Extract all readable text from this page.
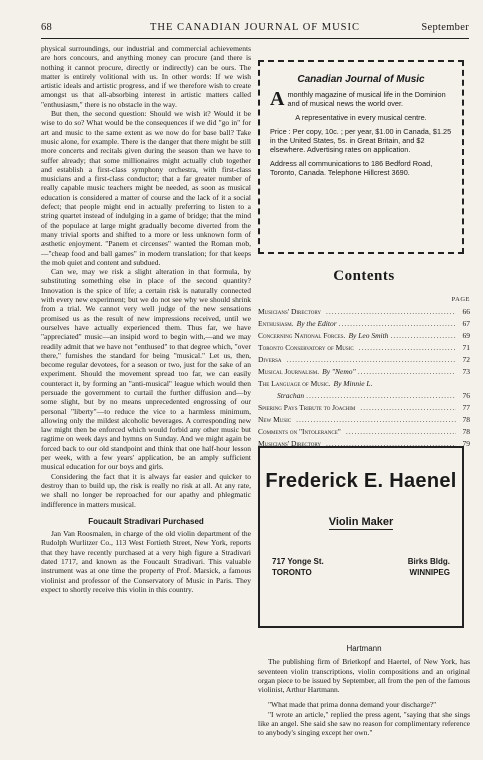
68	THE CANADIAN JOURNAL OF MUSIC	September

physical surroundings, our industrial and commercial achievements are hors concours, and anything money can procure (and there is nothing it cannot procure, directly or indirectly) can be ours. The matter is entirely volitional with us. In other words: If we wish artistic ideals and artistic progress, and if we therefore wish to create amongst us that all-absorbing interest in artistic matters called "enthusiasm," there is no obstacle in the way.

But then, the second question: Should we wish it? Would it be wise to do so? What would be the consequences if we did "go in" for art and music to the same extent as we now do for base ball? Take music alone, for example. There is the danger that there might be still more concerts and recitals given during the season than we have to suffer already; that some millionaires might actually club together and establish a first-class symphony orchestra, with first-class musicians and a first-class conductor; that a far greater number of really capable music teachers might be needed, as soon as musical education is considered a matter of course and the lack of it a social defect; that people might end in actually preferring to listen to a string quartet instead of indulging in a game of bridge; that the mind of the populace at large might gradually become diverted from the many trivial sports and shifted to a more or less unknown form of æsthetic enjoyment. "Panem et circenses" wanted the Roman mob,—"cheap food and ball games" in modern translation; for that keeps the mob quiet and content and subdued.

Can we, may we risk a slight alteration in that formula, by substituting something else in place of the second quantity? Innovation is the spice of life; a certain risk is naturally connected with every new experiment; but we do not see why we should shrink from a trial. We cannot very well judge of the new sensations promised us as the result of new impressions received, until we ourselves have actually experienced them. Thus far, we have "appreciated" music—an insipid word to begin with,—and we may readily admit that we have not "enthused" to that degree which, "over there," furnishes the standard for being "musical." Let us, then, become regular devotees, for a season or two, just for the sake of an experiment. Should the movement spread too far, we can easily counteract it, by forming an "anti-musical" league which would then persuade the government to curtail the further diffusion and—by some slight, but by no means unprecedented engrossing of our personal "liberty"—to reduce the vice to a harmless minimum, allowing only the mildest alcoholic beverages. A corresponding new law might then be enforced which would forbid any other music but ragtime on week days and hymns on Sunday. And we might again be forced back to our old standpoint and think that one half-hour lesson per week, with a few years' application, be an amply sufficient musical education for our boys and girls.

Considering the fact that it is always far easier and quicker to destroy than to build up, the risk is really no risk at all. At any rate, we shall no longer be reproached for our apathy and phlegmatic indifference in matters musical.

Foucault Stradivari Purchased

Jan Van Roosmalen, in charge of the old violin department of the Rudolph Wurlitzer Co., 113 West Fortieth Street, New York, reports that they have recently purchased at a very high figure a Stradivari dated 1717, and known as the Foucault Stradivari. This valuable instrument was at one time the property of Prof. Marsick, a famous violinist and professor of the Conservatory of Music in Paris. They expect to shortly receive this violin in this country.

Canadian Journal of Music

Amonthly magazine of musical life in the Dominion and of musical news the world over.

A representative in every musical centre.

Price : Per copy, 10c. ; per year, $1.00 in Canada, $1.25 in the United States, 5s. in Great Britain, and $2 elsewhere. Advertising rates on application.

Address all communications to 186 Bedford Road, Toronto, Canada. Telephone Hillcrest 3690.

Contents
PAGE
Musicians' Directory .....	66
Enthusiasm. By the Editor .....	67
Concerning National Forces. By Leo Smith .....	69
Toronto Conservatory of Music .....	71
Diversa .....	72
Musical Journalism. By "Nemo" .....	73
The Language of Music. By Minnie L.
Strachan .....	76
Spiering Pays Tribute to Joachim .....	77
New Music .....	78
Comments on "Intolerance" .....	78
Musicians' Directory .....	79
Frederick E. Haenel
Violin Maker
717 Yonge St.
TORONTO
Birks Bldg.
WINNIPEG
Hartmann

The publishing firm of Brietkopf and Haertel, of New York, has seventeen violin transcriptions, violin compositions and an original organ piece to be issued by September, all from the pen of the famous violinist, Arthur Hartmann.

"What made that prima donna demand your discharge?"

"I wrote an article," replied the press agent, "saying that she sings like an angel. She said she saw no reason for complimentary reference to anybody's singing except her own."
